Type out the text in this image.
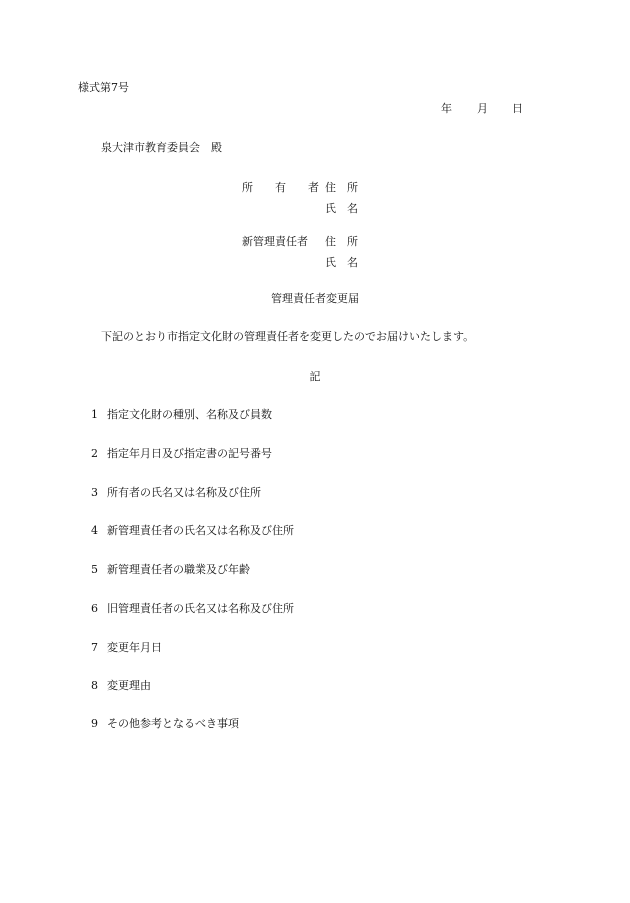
様式第7号
年 月 日
泉大津市教育委員会　殿
所　　有　　者 住　所
氏　名
新管理責任者 住　所
氏　名
管理責任者変更届
下記のとおり市指定文化財の管理責任者を変更したのでお届けいたします。
記
1 指定文化財の種別、名称及び員数
2 指定年月日及び指定書の記号番号
3 所有者の氏名又は名称及び住所
4 新管理責任者の氏名又は名称及び住所
5 新管理責任者の職業及び年齢
6 旧管理責任者の氏名又は名称及び住所
7 変更年月日
8 変更理由
9 その他参考となるべき事項
